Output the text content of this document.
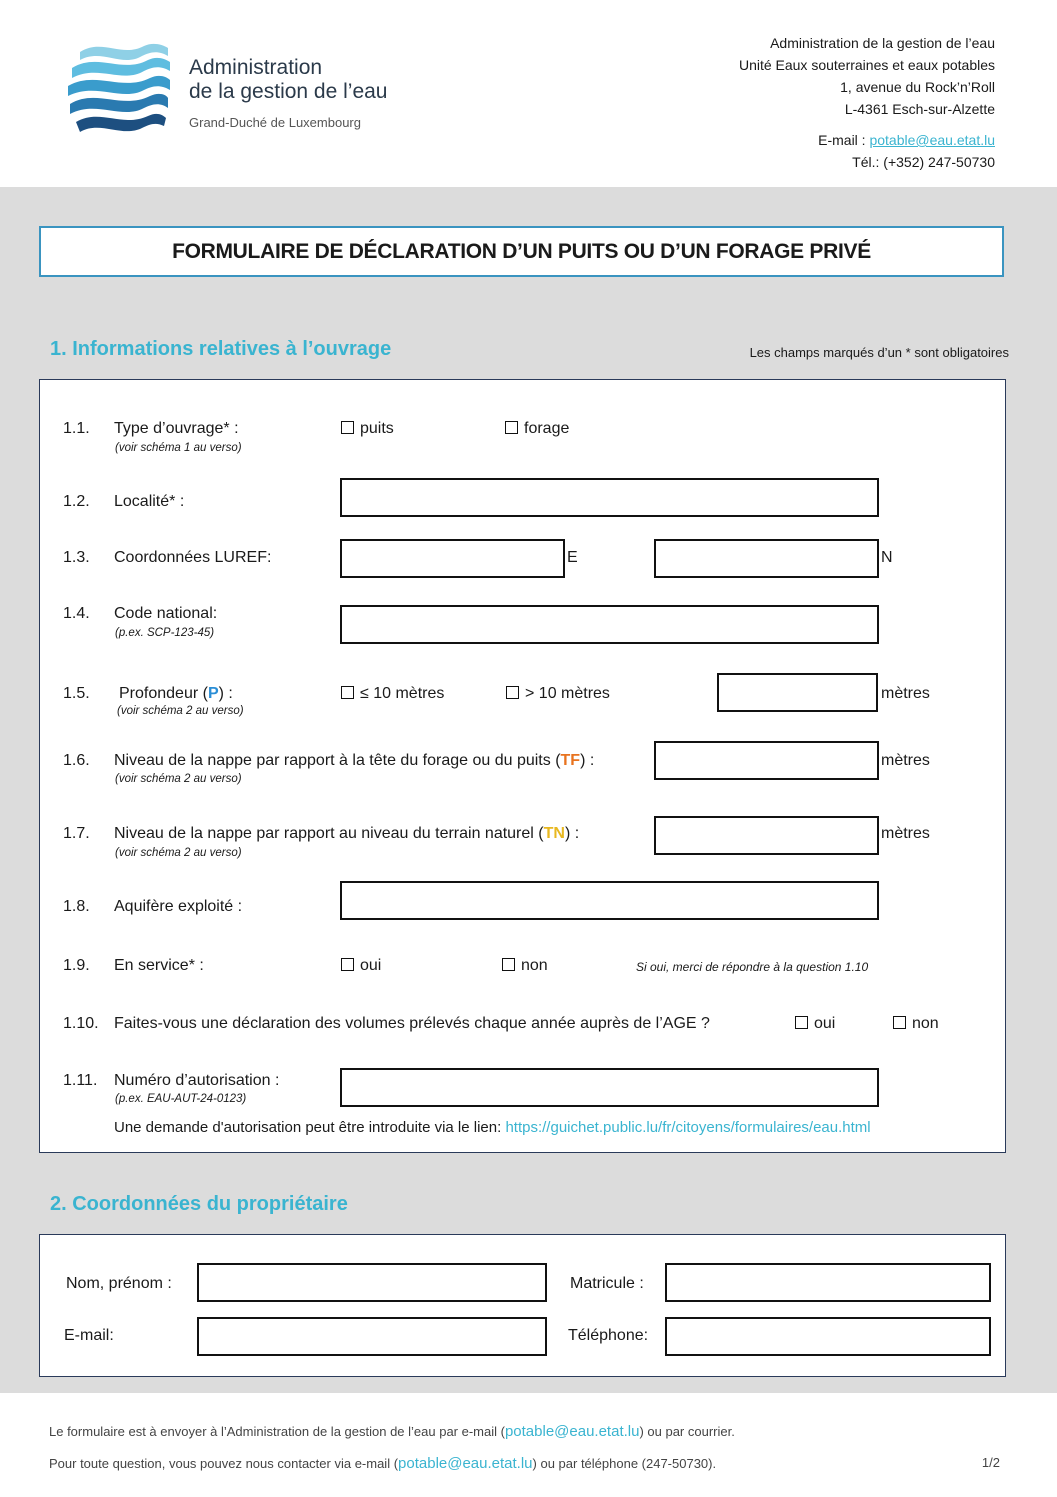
Administration
de la gestion de l’eau
Grand-Duché de Luxembourg
Administration de la gestion de l’eau
Unité Eaux souterraines et eaux potables
1, avenue du Rock’n’Roll
L-4361 Esch-sur-Alzette
E-mail : potable@eau.etat.lu
Tél.: (+352) 247-50730
FORMULAIRE DE DÉCLARATION D’UN PUITS OU D’UN FORAGE PRIVÉ
1. Informations relatives à l’ouvrage	Les champs marqués d’un * sont obligatoires
1.1. Type d’ouvrage* :
(voir schéma 1 au verso)
puits	forage
1.2. Localité* :
1.3. Coordonnées LUREF:	E	N
1.4. Code national:
(p.ex. SCP-123-45)
1.5. Profondeur (P) :
(voir schéma 2 au verso)
≤ 10 mètres	> 10 mètres	mètres
1.6. Niveau de la nappe par rapport à la tête du forage ou du puits (TF) :
(voir schéma 2 au verso)
mètres
1.7. Niveau de la nappe par rapport au niveau du terrain naturel (TN) :
(voir schéma 2 au verso)
mètres
1.8. Aquifère exploité :
1.9. En service* :	oui	non	Si oui, merci de répondre à la question 1.10
1.10. Faites-vous une déclaration des volumes prélevés chaque année auprès de l’AGE ?	oui	non
1.11. Numéro d’autorisation :
(p.ex. EAU-AUT-24-0123)
Une demande d'autorisation peut être introduite via le lien: https://guichet.public.lu/fr/citoyens/formulaires/eau.html
2. Coordonnées du propriétaire
Nom, prénom :	Matricule :
E-mail:	Téléphone:
Le formulaire est à envoyer à l’Administration de la gestion de l’eau par e-mail (potable@eau.etat.lu) ou par courrier.
Pour toute question, vous pouvez nous contacter via e-mail (potable@eau.etat.lu) ou par téléphone (247-50730).	1/2
